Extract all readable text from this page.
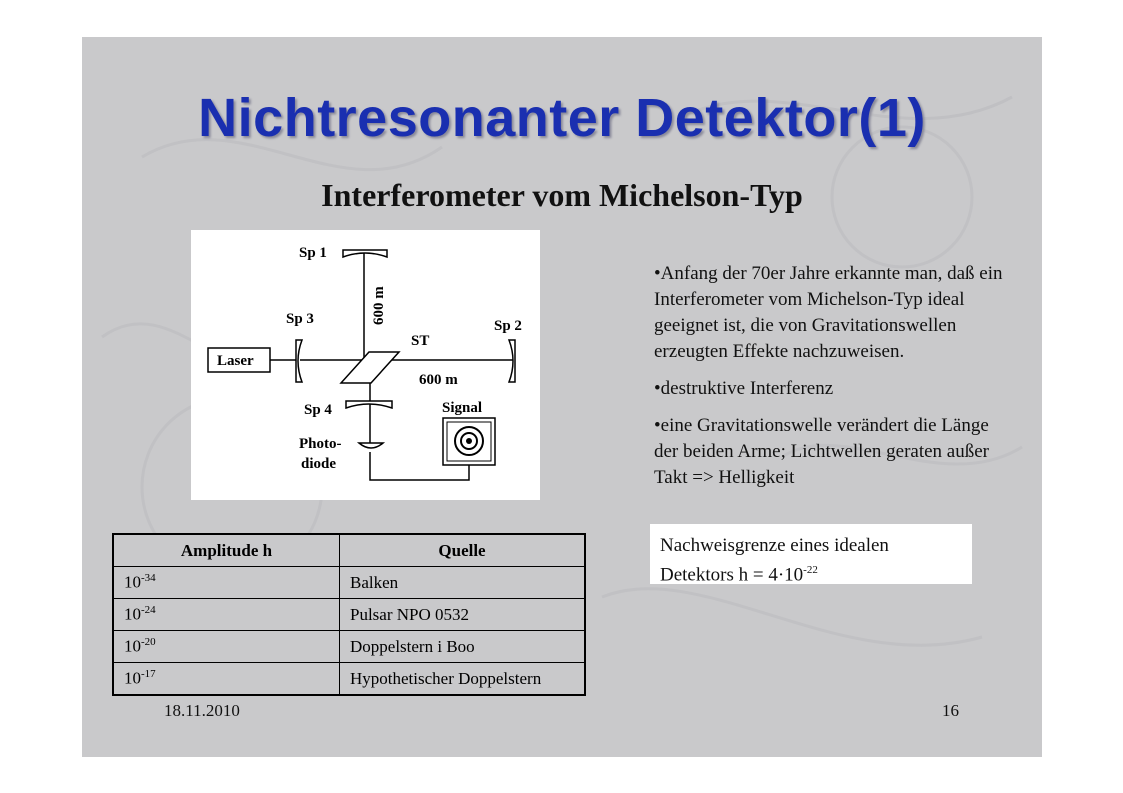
Nichtresonanter Detektor(1)
Interferometer vom Michelson-Typ
Sp 1
Sp 2
Sp 3
Sp 4
ST
Laser
600 m
600 m
Signal
Photo-
diode

•Anfang der 70er Jahre erkannte man, daß ein Interferometer vom Michelson-Typ ideal geeignet ist, die von Gravitationswellen erzeugten Effekte nachzuweisen.

•destruktive Interferenz

•eine Gravitationswelle verändert die Länge der beiden Arme; Lichtwellen geraten außer Takt => Helligkeit

Nachweisgrenze eines idealen
Detektors $h = 4\cdot 10^{-22}$
Amplitude h	Quelle
$10^{-34}$	Balken
$10^{-24}$	Pulsar NPO 0532
$10^{-20}$	Doppelstern i Boo
$10^{-17}$	Hypothetischer Doppelstern
18.11.2010	16
